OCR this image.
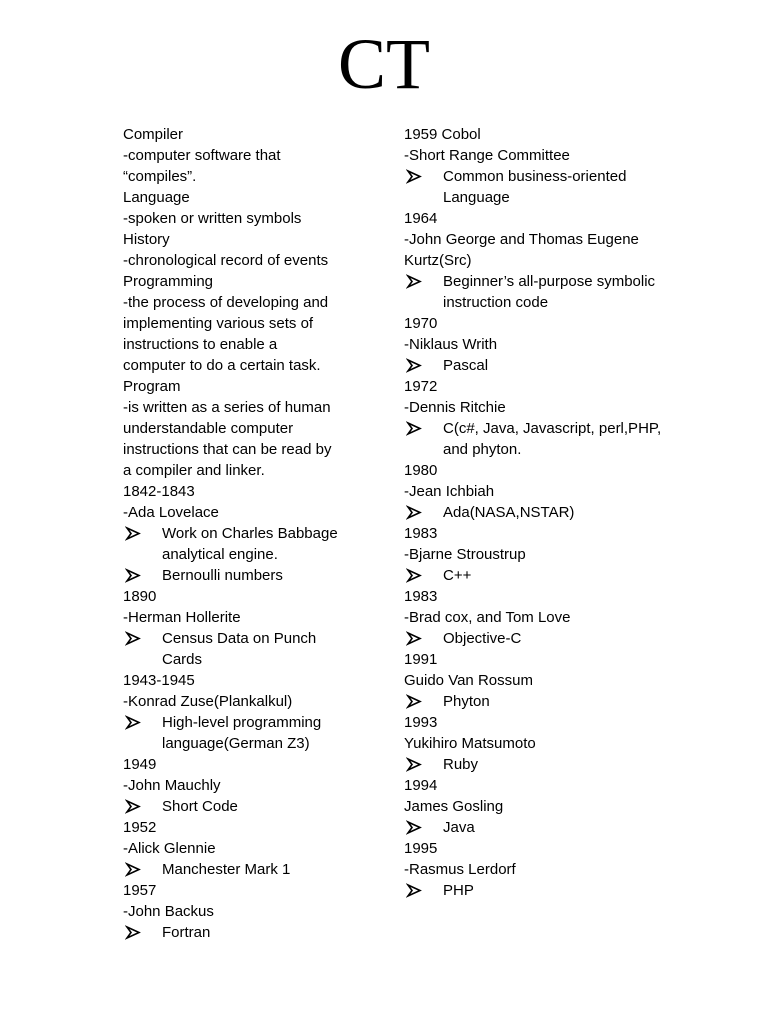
CT
Compiler
-computer software that
“compiles”.
Language
-spoken or written symbols
History
-chronological record of events
Programming
-the process of developing and
implementing various sets of
instructions to enable a
computer to do a certain task.
Program
-is written as a series of human
understandable computer
instructions that can be read by
a compiler and linker.
1842-1843
-Ada Lovelace
Work on Charles Babbage
analytical engine.
Bernoulli numbers
1890
-Herman Hollerite
Census Data on Punch
Cards
1943-1945
-Konrad Zuse(Plankalkul)
High-level programming
language(German Z3)
1949
-John Mauchly
Short Code
1952
-Alick Glennie
Manchester Mark 1
1957
-John Backus
Fortran
1959 Cobol
-Short Range Committee
Common business-oriented
Language
1964
-John George and Thomas Eugene
Kurtz(Src)
Beginner’s all-purpose symbolic
instruction code
1970
-Niklaus Writh
Pascal
1972
-Dennis Ritchie
C(c#, Java, Javascript, perl,PHP,
and phyton.
1980
-Jean Ichbiah
Ada(NASA,NSTAR)
1983
-Bjarne Stroustrup
C++
1983
-Brad cox, and Tom Love
Objective-C
1991
Guido Van Rossum
Phyton
1993
Yukihiro Matsumoto
Ruby
1994
James Gosling
Java
1995
-Rasmus Lerdorf
PHP
